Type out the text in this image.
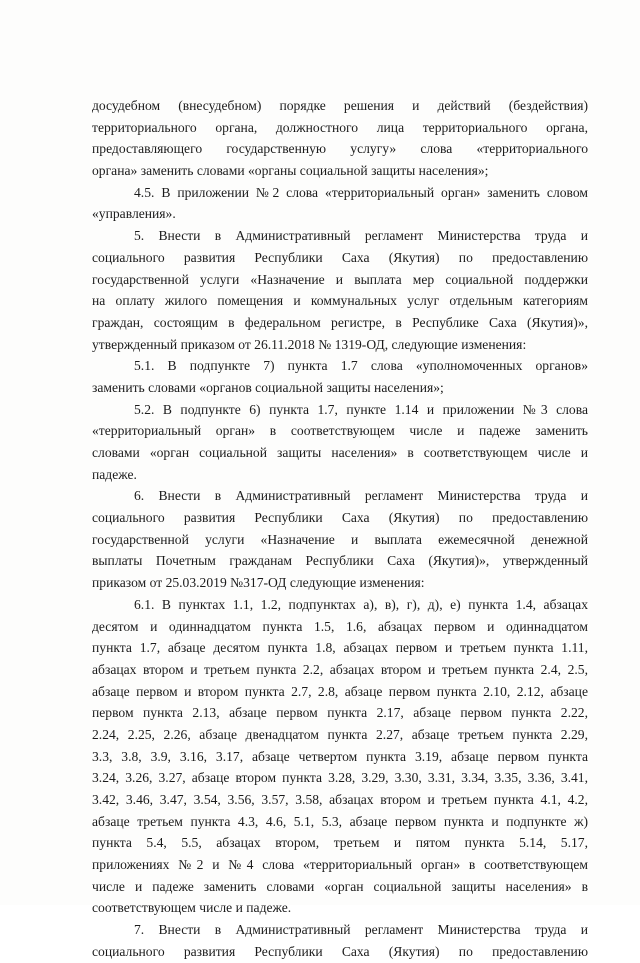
досудебном (внесудебном) порядке решения и действий (бездействия)
территориального органа, должностного лица территориального органа,
предоставляющего государственную услугу» слова «территориального
органа» заменить словами «органы социальной защиты населения»;
4.5. В приложении №2 слова «территориальный орган» заменить словом
«управления».
5. Внести в Административный регламент Министерства труда и
социального развития Республики Саха (Якутия) по предоставлению
государственной услуги «Назначение и выплата мер социальной поддержки
на оплату жилого помещения и коммунальных услуг отдельным категориям
граждан, состоящим в федеральном регистре, в Республике Саха (Якутия)»,
утвержденный приказом от 26.11.2018 № 1319-ОД, следующие изменения:
5.1. В подпункте 7) пункта 1.7 слова «уполномоченных органов»
заменить словами «органов социальной защиты населения»;
5.2. В подпункте 6) пункта 1.7, пункте 1.14 и приложении №3 слова
«территориальный орган» в соответствующем числе и падеже заменить
словами «орган социальной защиты населения» в соответствующем числе и
падеже.
6. Внести в Административный регламент Министерства труда и
социального развития Республики Саха (Якутия) по предоставлению
государственной услуги «Назначение и выплата ежемесячной денежной
выплаты Почетным гражданам Республики Саха (Якутия)», утвержденный
приказом от 25.03.2019 №317-ОД следующие изменения:
6.1. В пунктах 1.1, 1.2, подпунктах а), в), г), д), е) пункта 1.4, абзацах
десятом и одиннадцатом пункта 1.5, 1.6, абзацах первом и одиннадцатом
пункта 1.7, абзаце десятом пункта 1.8, абзацах первом и третьем пункта 1.11,
абзацах втором и третьем пункта 2.2, абзацах втором и третьем пункта 2.4, 2.5,
абзаце первом и втором пункта 2.7, 2.8, абзаце первом пункта 2.10, 2.12, абзаце
первом пункта 2.13, абзаце первом пункта 2.17, абзаце первом пункта 2.22,
2.24, 2.25, 2.26, абзаце двенадцатом пункта 2.27, абзаце третьем пункта 2.29,
3.3, 3.8, 3.9, 3.16, 3.17, абзаце четвертом пункта 3.19, абзаце первом пункта
3.24, 3.26, 3.27, абзаце втором пункта 3.28, 3.29, 3.30, 3.31, 3.34, 3.35, 3.36, 3.41,
3.42, 3.46, 3.47, 3.54, 3.56, 3.57, 3.58, абзацах втором и третьем пункта 4.1, 4.2,
абзаце третьем пункта 4.3, 4.6, 5.1, 5.3, абзаце первом пункта и подпункте ж)
пункта 5.4, 5.5, абзацах втором, третьем и пятом пункта 5.14, 5.17,
приложениях №2 и №4 слова «территориальный орган» в соответствующем
числе и падеже заменить словами «орган социальной защиты населения» в
соответствующем числе и падеже.
7. Внести в Административный регламент Министерства труда и
социального развития Республики Саха (Якутия) по предоставлению
